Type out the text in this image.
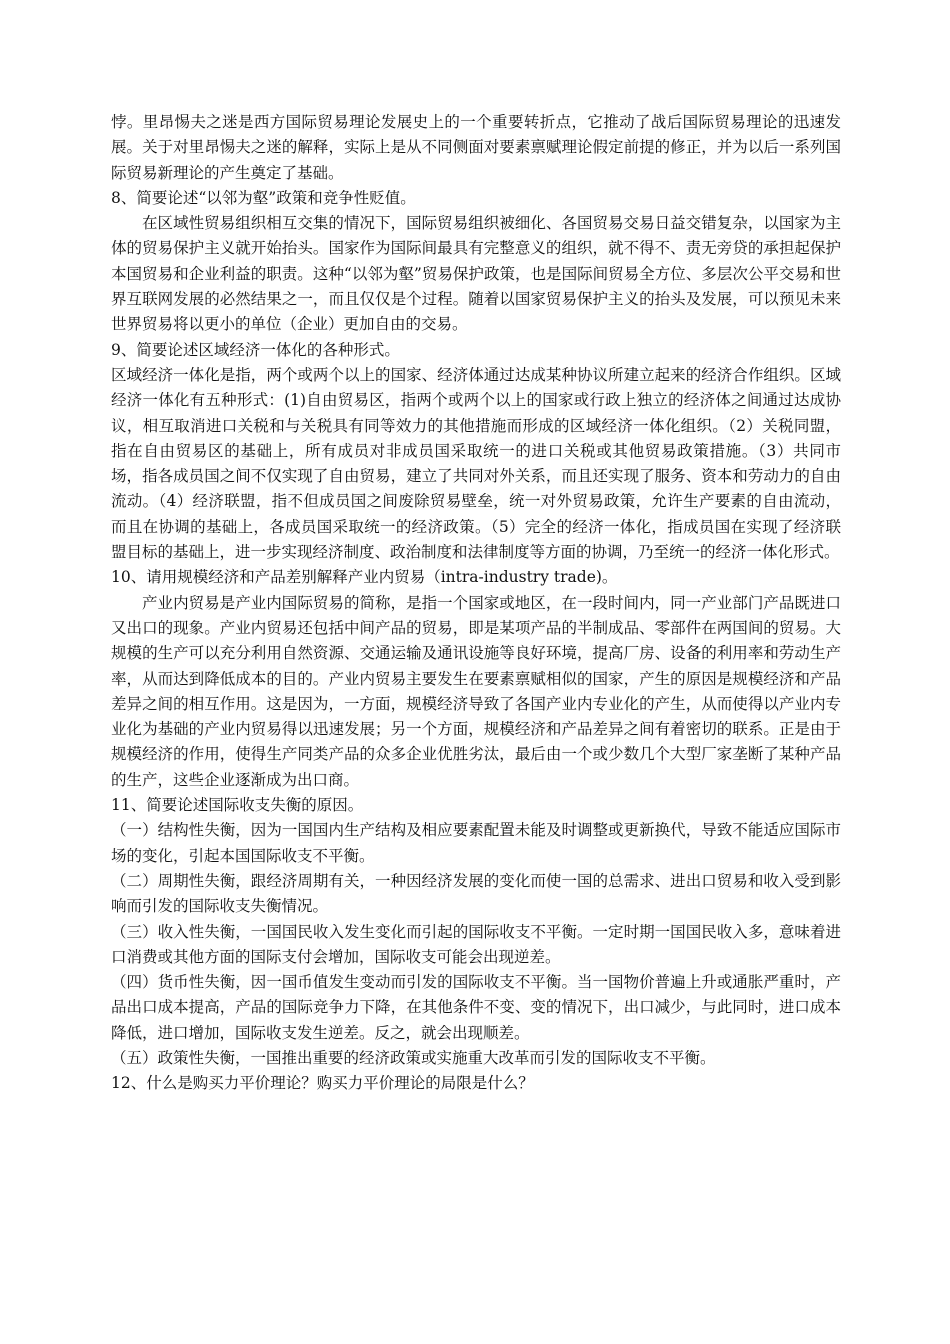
悖。里昂惕夫之迷是西方国际贸易理论发展史上的一个重要转折点，它推动了战后国际贸易理论的迅速发展。关于对里昂惕夫之迷的解释，实际上是从不同侧面对要素禀赋理论假定前提的修正，并为以后一系列国际贸易新理论的产生奠定了基础。

8、简要论述“以邻为壑”政策和竞争性贬值。

在区域性贸易组织相互交集的情况下，国际贸易组织被细化、各国贸易交易日益交错复杂，以国家为主体的贸易保护主义就开始抬头。国家作为国际间最具有完整意义的组织，就不得不、责无旁贷的承担起保护本国贸易和企业利益的职责。这种“以邻为壑”贸易保护政策，也是国际间贸易全方位、多层次公平交易和世界互联网发展的必然结果之一，而且仅仅是个过程。随着以国家贸易保护主义的抬头及发展，可以预见未来世界贸易将以更小的单位（企业）更加自由的交易。

9、简要论述区域经济一体化的各种形式。

区域经济一体化是指，两个或两个以上的国家、经济体通过达成某种协议所建立起来的经济合作组织。区域经济一体化有五种形式：(1)自由贸易区，指两个或两个以上的国家或行政上独立的经济体之间通过达成协议，相互取消进口关税和与关税具有同等效力的其他措施而形成的区域经济一体化组织。（2）关税同盟，指在自由贸易区的基础上，所有成员对非成员国采取统一的进口关税或其他贸易政策措施。（3）共同市场，指各成员国之间不仅实现了自由贸易，建立了共同对外关系，而且还实现了服务、资本和劳动力的自由流动。（4）经济联盟，指不但成员国之间废除贸易壁垒，统一对外贸易政策，允许生产要素的自由流动，而且在协调的基础上，各成员国采取统一的经济政策。（5）完全的经济一体化，指成员国在实现了经济联盟目标的基础上，进一步实现经济制度、政治制度和法律制度等方面的协调，乃至统一的经济一体化形式。

10、请用规模经济和产品差别解释产业内贸易（intra-industry trade)。

产业内贸易是产业内国际贸易的简称，是指一个国家或地区，在一段时间内，同一产业部门产品既进口又出口的现象。产业内贸易还包括中间产品的贸易，即是某项产品的半制成品、零部件在两国间的贸易。大规模的生产可以充分利用自然资源、交通运输及通讯设施等良好环境，提高厂房、设备的利用率和劳动生产率，从而达到降低成本的目的。产业内贸易主要发生在要素禀赋相似的国家，产生的原因是规模经济和产品差异之间的相互作用。这是因为，一方面，规模经济导致了各国产业内专业化的产生，从而使得以产业内专业化为基础的产业内贸易得以迅速发展；另一个方面，规模经济和产品差异之间有着密切的联系。正是由于规模经济的作用，使得生产同类产品的众多企业优胜劣汰，最后由一个或少数几个大型厂家垄断了某种产品的生产，这些企业逐渐成为出口商。

11、简要论述国际收支失衡的原因。

（一）结构性失衡，因为一国国内生产结构及相应要素配置未能及时调整或更新换代，导致不能适应国际市场的变化，引起本国国际收支不平衡。

（二）周期性失衡，跟经济周期有关，一种因经济发展的变化而使一国的总需求、进出口贸易和收入受到影响而引发的国际收支失衡情况。

（三）收入性失衡，一国国民收入发生变化而引起的国际收支不平衡。一定时期一国国民收入多，意味着进口消费或其他方面的国际支付会增加，国际收支可能会出现逆差。

（四）货币性失衡，因一国币值发生变动而引发的国际收支不平衡。当一国物价普遍上升或通胀严重时，产品出口成本提高，产品的国际竞争力下降，在其他条件不变、变的情况下，出口减少，与此同时，进口成本降低，进口增加，国际收支发生逆差。反之，就会出现顺差。

（五）政策性失衡，一国推出重要的经济政策或实施重大改革而引发的国际收支不平衡。

12、什么是购买力平价理论？购买力平价理论的局限是什么？
